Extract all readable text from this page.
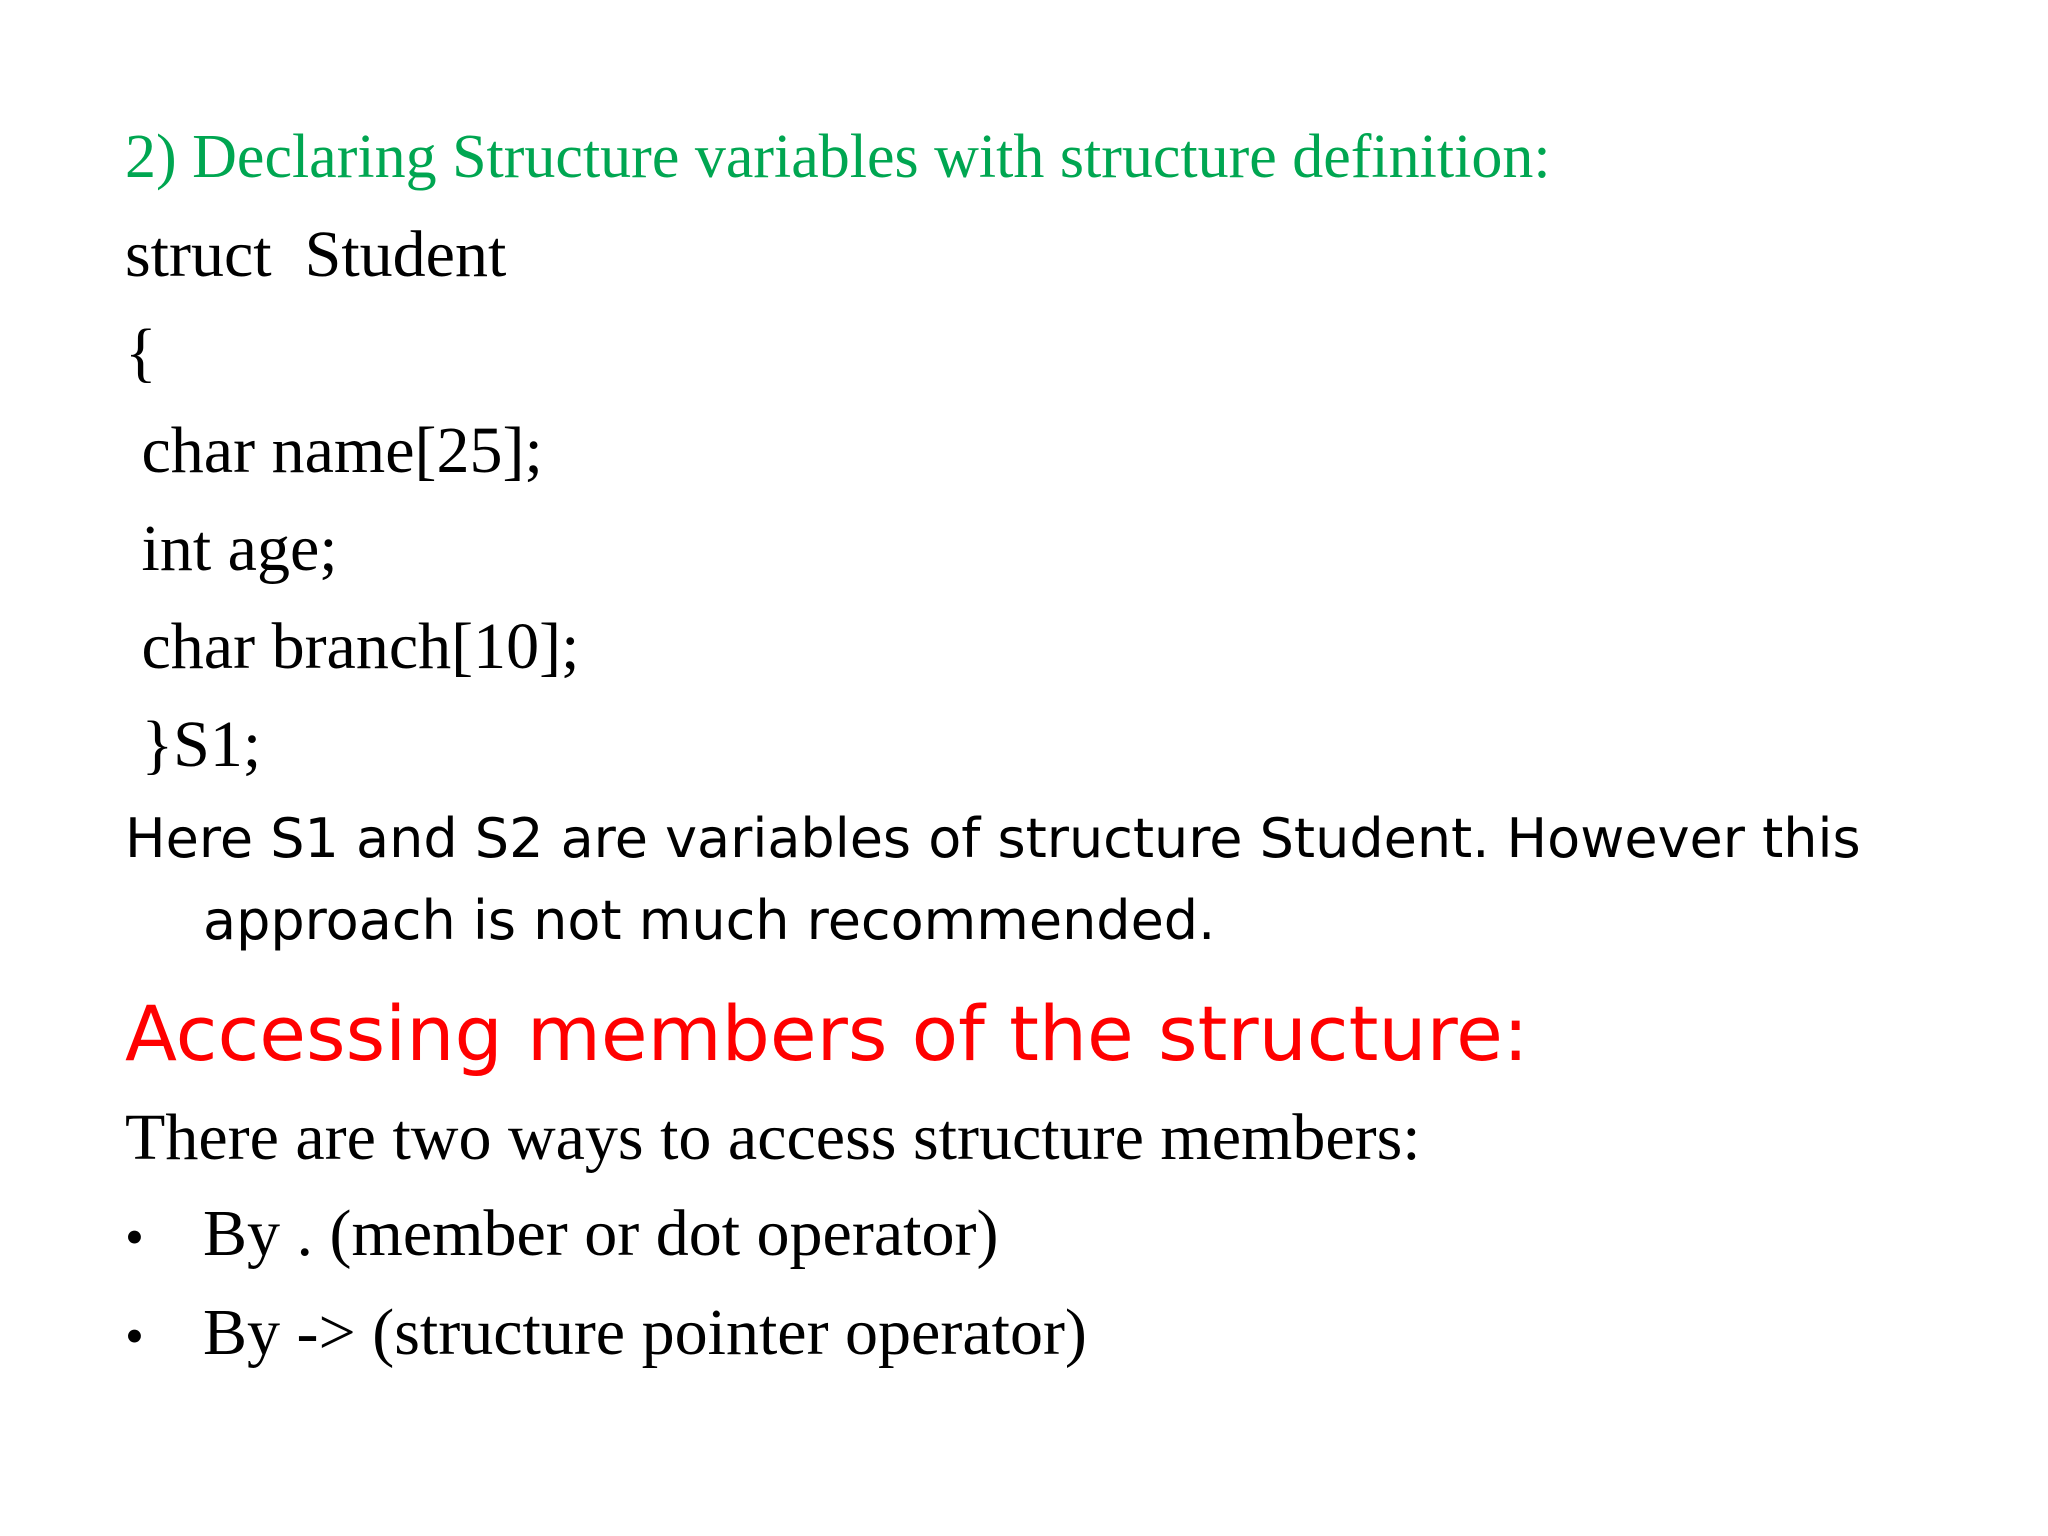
2) Declaring Structure variables with structure definition:
struct  Student
{
char name[25];
int age;
char branch[10];
}S1;
Here S1 and S2 are variables of structure Student. However this approach is not much recommended.
Accessing members of the structure:
There are two ways to access structure members:
• By . (member or dot operator)
• By -> (structure pointer operator)
